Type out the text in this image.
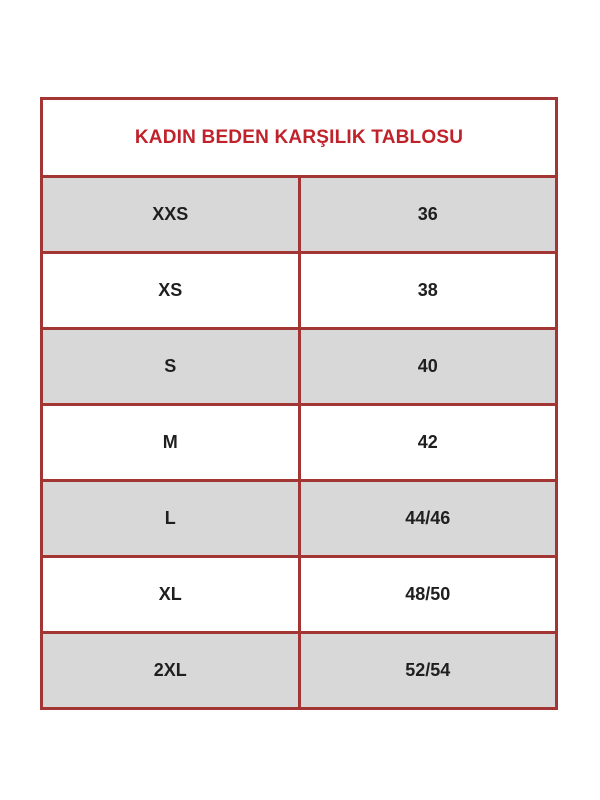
KADIN BEDEN KARŞILIK TABLOSU	
XXS	36
XS	38
S	40
M	42
L	44/46
XL	48/50
2XL	52/54
